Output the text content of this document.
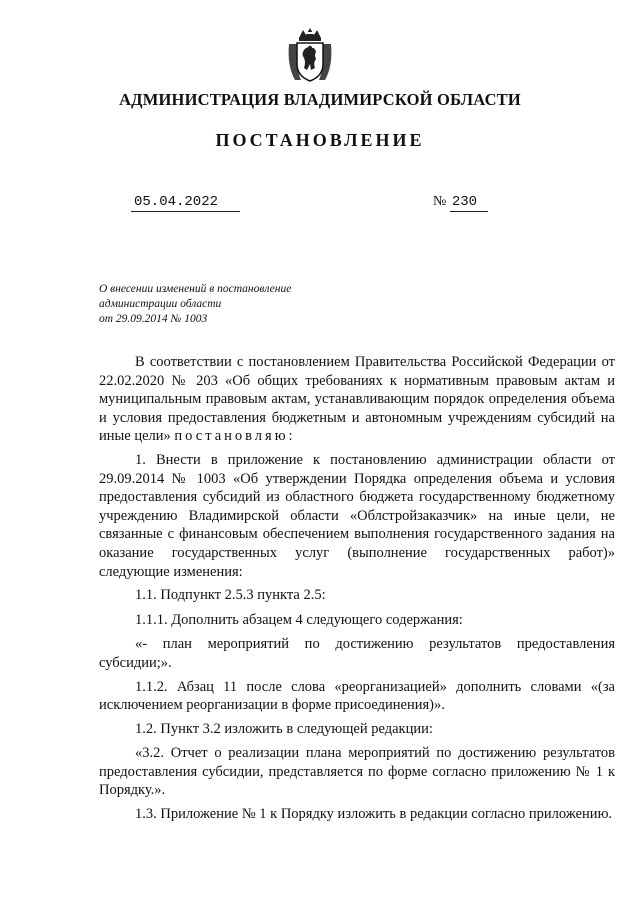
АДМИНИСТРАЦИЯ ВЛАДИМИРСКОЙ ОБЛАСТИ
ПОСТАНОВЛЕНИЕ
05.04.2022	№ 230
О внесении изменений в постановление
администрации области
от 29.09.2014 № 1003

В соответствии с постановлением Правительства Российской Федерации от 22.02.2020 № 203 «Об общих требованиях к нормативным правовым актам и муниципальным правовым актам, устанавливающим порядок определения объема и условия предоставления бюджетным и автономным учреждениям субсидий на иные цели» постановляю:

1. Внести в приложение к постановлению администрации области от 29.09.2014 № 1003 «Об утверждении Порядка определения объема и условия предоставления субсидий из областного бюджета государственному бюджетному учреждению Владимирской области «Облстройзаказчик» на иные цели, не связанные с финансовым обеспечением выполнения государственного задания на оказание государственных услуг (выполнение государственных работ)» следующие изменения:

1.1. Подпункт 2.5.3 пункта 2.5:

1.1.1. Дополнить абзацем 4 следующего содержания:

«- план мероприятий по достижению результатов предоставления субсидии;».

1.1.2. Абзац 11 после слова «реорганизацией» дополнить словами «(за исключением реорганизации в форме присоединения)».

1.2. Пункт 3.2 изложить в следующей редакции:

«3.2. Отчет о реализации плана мероприятий по достижению результатов предоставления субсидии, представляется по форме согласно приложению № 1 к Порядку.».

1.3. Приложение № 1 к Порядку изложить в редакции согласно приложению.
